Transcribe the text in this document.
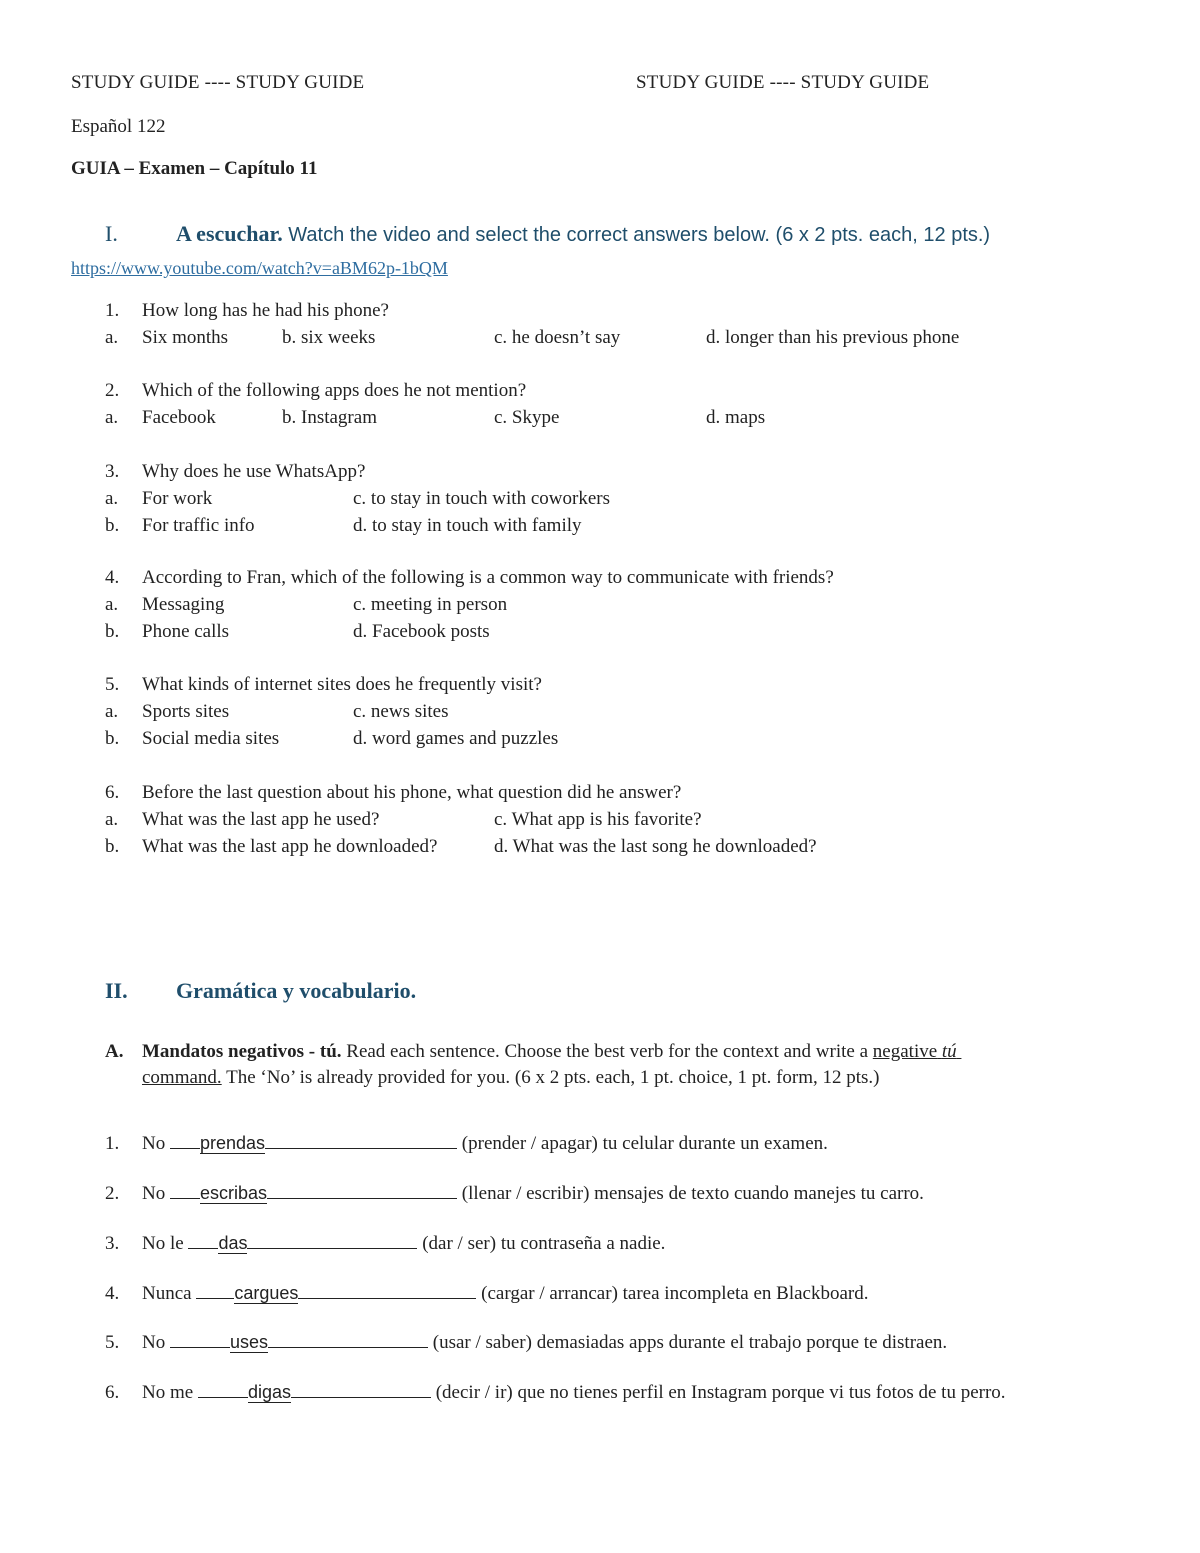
STUDY GUIDE ---- STUDY GUIDE	STUDY GUIDE ---- STUDY GUIDE
Español 122
GUIA – Examen – Capítulo 11
I.	A escuchar. Watch the video and select the correct answers below. (6 x 2 pts. each, 12 pts.)
https://www.youtube.com/watch?v=aBM62p-1bQM
1. How long has he had his phone?
a. Six months	b. six weeks	c. he doesn’t say	d. longer than his previous phone
2. Which of the following apps does he not mention?
a. Facebook	b. Instagram	c. Skype	d. maps
3. Why does he use WhatsApp?
a. For work	c. to stay in touch with coworkers
b. For traffic info	d. to stay in touch with family
4. According to Fran, which of the following is a common way to communicate with friends?
a. Messaging	c. meeting in person
b. Phone calls	d. Facebook posts
5. What kinds of internet sites does he frequently visit?
a. Sports sites	c. news sites
b. Social media sites	d. word games and puzzles
6. Before the last question about his phone, what question did he answer?
a. What was the last app he used?	c. What app is his favorite?
b. What was the last app he downloaded?	d. What was the last song he downloaded?
II. Gramática y vocabulario.
A. Mandatos negativos - tú. Read each sentence. Choose the best verb for the context and write a negative tú
command. The ‘No’ is already provided for you. (6 x 2 pts. each, 1 pt. choice, 1 pt. form, 12 pts.)
1. No prendas	(prender / apagar) tu celular durante un examen.
2. No escribas	(llenar / escribir) mensajes de texto cuando manejes tu carro.
3. No le das	(dar / ser) tu contraseña a nadie.
4. Nunca cargues	(cargar / arrancar) tarea incompleta en Blackboard.
5. No	uses	(usar / saber) demasiadas apps durante el trabajo porque te distraen.
6. No me	digas	(decir / ir) que no tienes perfil en Instagram porque vi tus fotos de tu perro.
